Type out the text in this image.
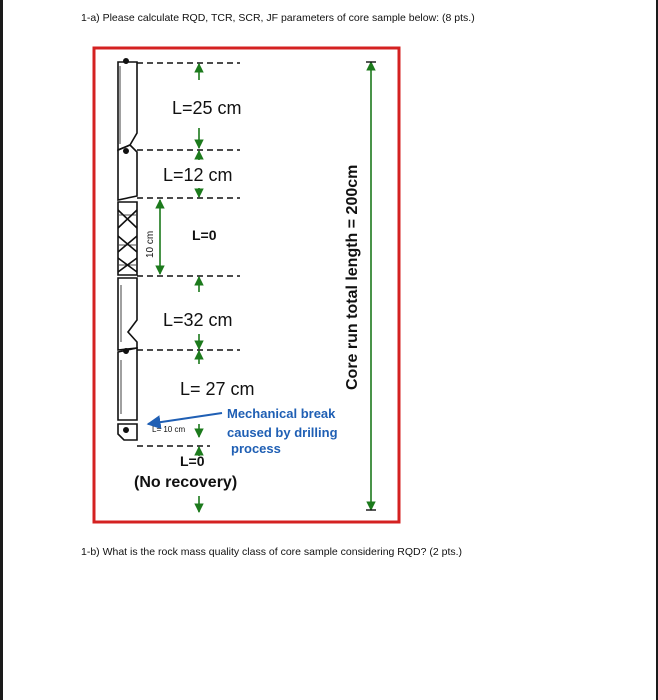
1-a) Please calculate RQD, TCR, SCR, JF parameters of core sample below: (8 pts.)
1-b) What is the rock mass quality class of core sample considering RQD? (2 pts.)
L=25 cm
L=12 cm
L=0
L=32 cm
L= 27 cm
10 cm
L= 10 cm
Mechanical break
caused by drilling
process
L=0
(No recovery)
Core run total length = 200cm
